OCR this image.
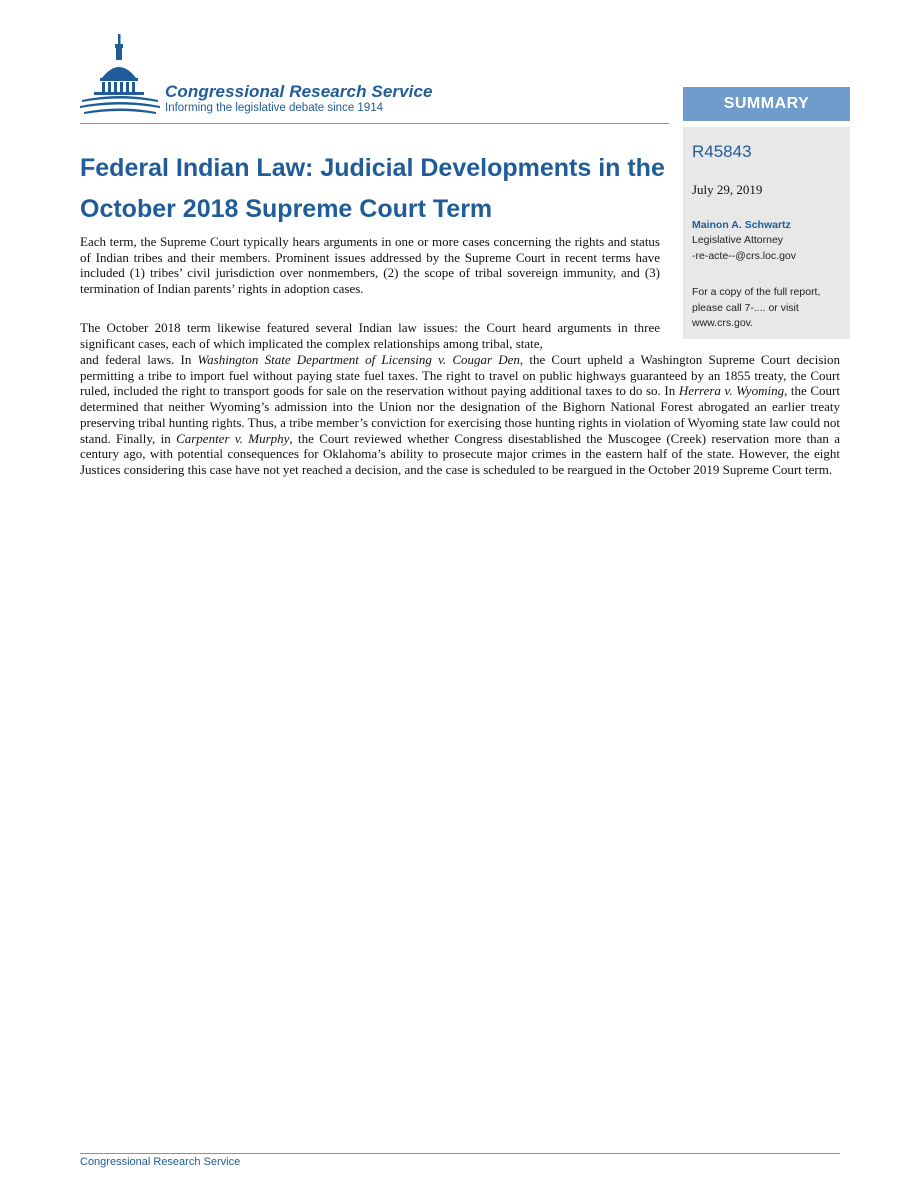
Congressional Research Service
Informing the legislative debate since 1914	SUMMARY
R45843
July 29, 2019
Mainon A. Schwartz
Legislative Attorney
-re-acte--@crs.loc.gov
For a copy of the full report, please call 7-.... or visit www.crs.gov.
Federal Indian Law: Judicial Developments in the October 2018 Supreme Court Term
Each term, the Supreme Court typically hears arguments in one or more cases concerning the rights and status of Indian tribes and their members. Prominent issues addressed by the Supreme Court in recent terms have included (1) tribes’ civil jurisdiction over nonmembers, (2) the scope of tribal sovereign immunity, and (3) termination of Indian parents’ rights in adoption cases.
The October 2018 term likewise featured several Indian law issues: the Court heard arguments in three significant cases, each of which implicated the complex relationships among tribal, state,
and federal laws. In Washington State Department of Licensing v. Cougar Den, the Court upheld a Washington Supreme Court decision permitting a tribe to import fuel without paying state fuel taxes. The right to travel on public highways guaranteed by an 1855 treaty, the Court ruled, included the right to transport goods for sale on the reservation without paying additional taxes to do so. In Herrera v. Wyoming, the Court determined that neither Wyoming’s admission into the Union nor the designation of the Bighorn National Forest abrogated an earlier treaty preserving tribal hunting rights. Thus, a tribe member’s conviction for exercising those hunting rights in violation of Wyoming state law could not stand. Finally, in Carpenter v. Murphy, the Court reviewed whether Congress disestablished the Muscogee (Creek) reservation more than a century ago, with potential consequences for Oklahoma’s ability to prosecute major crimes in the eastern half of the state. However, the eight Justices considering this case have not yet reached a decision, and the case is scheduled to be reargued in the October 2019 Supreme Court term.
Congressional Research Service
